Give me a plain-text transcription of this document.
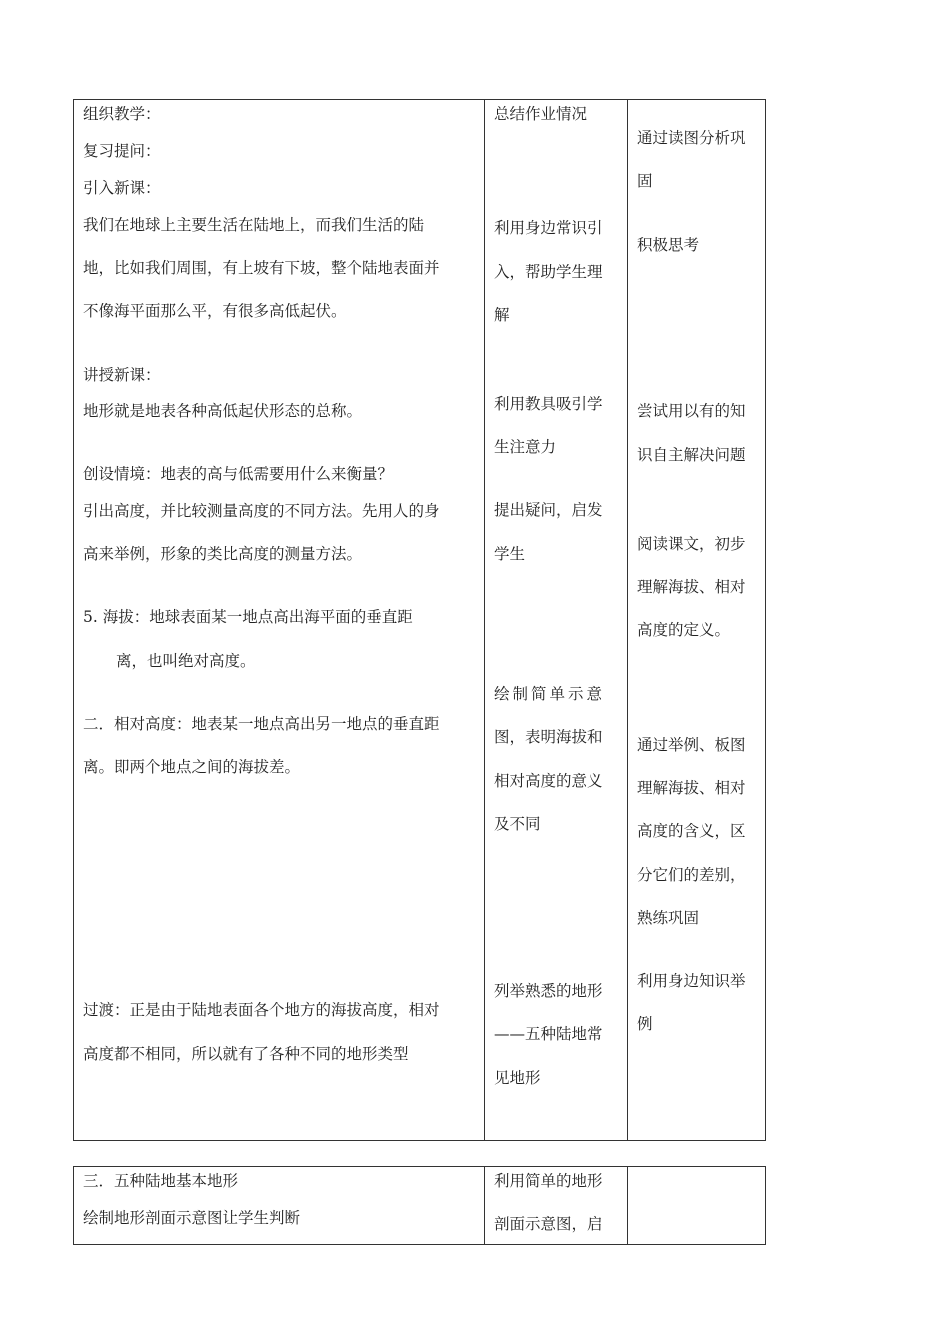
组织教学：

复习提问：

引入新课：

我们在地球上主要生活在陆地上，而我们生活的陆

地，比如我们周围，有上坡有下坡，整个陆地表面并

不像海平面那么平，有很多高低起伏。

讲授新课：

地形就是地表各种高低起伏形态的总称。

创设情境：地表的高与低需要用什么来衡量？

引出高度，并比较测量高度的不同方法。先用人的身

高来举例，形象的类比高度的测量方法。

5. 海拔：地球表面某一地点高出海平面的垂直距

离，也叫绝对高度。

二．相对高度：地表某一地点高出另一地点的垂直距

离。即两个地点之间的海拔差。

过渡：正是由于陆地表面各个地方的海拔高度，相对

高度都不相同，所以就有了各种不同的地形类型

总结作业情况

利用身边常识引

入，帮助学生理

解

利用教具吸引学

生注意力

提出疑问，启发

学生

绘制简单示意

图，表明海拔和

相对高度的意义

及不同

列举熟悉的地形

——五种陆地常

见地形

通过读图分析巩

固

积极思考

尝试用以有的知

识自主解决问题

阅读课文，初步

理解海拔、相对

高度的定义。

通过举例、板图

理解海拔、相对

高度的含义，区

分它们的差别，

熟练巩固

利用身边知识举

例

三．五种陆地基本地形

绘制地形剖面示意图让学生判断

利用简单的地形

剖面示意图，启
